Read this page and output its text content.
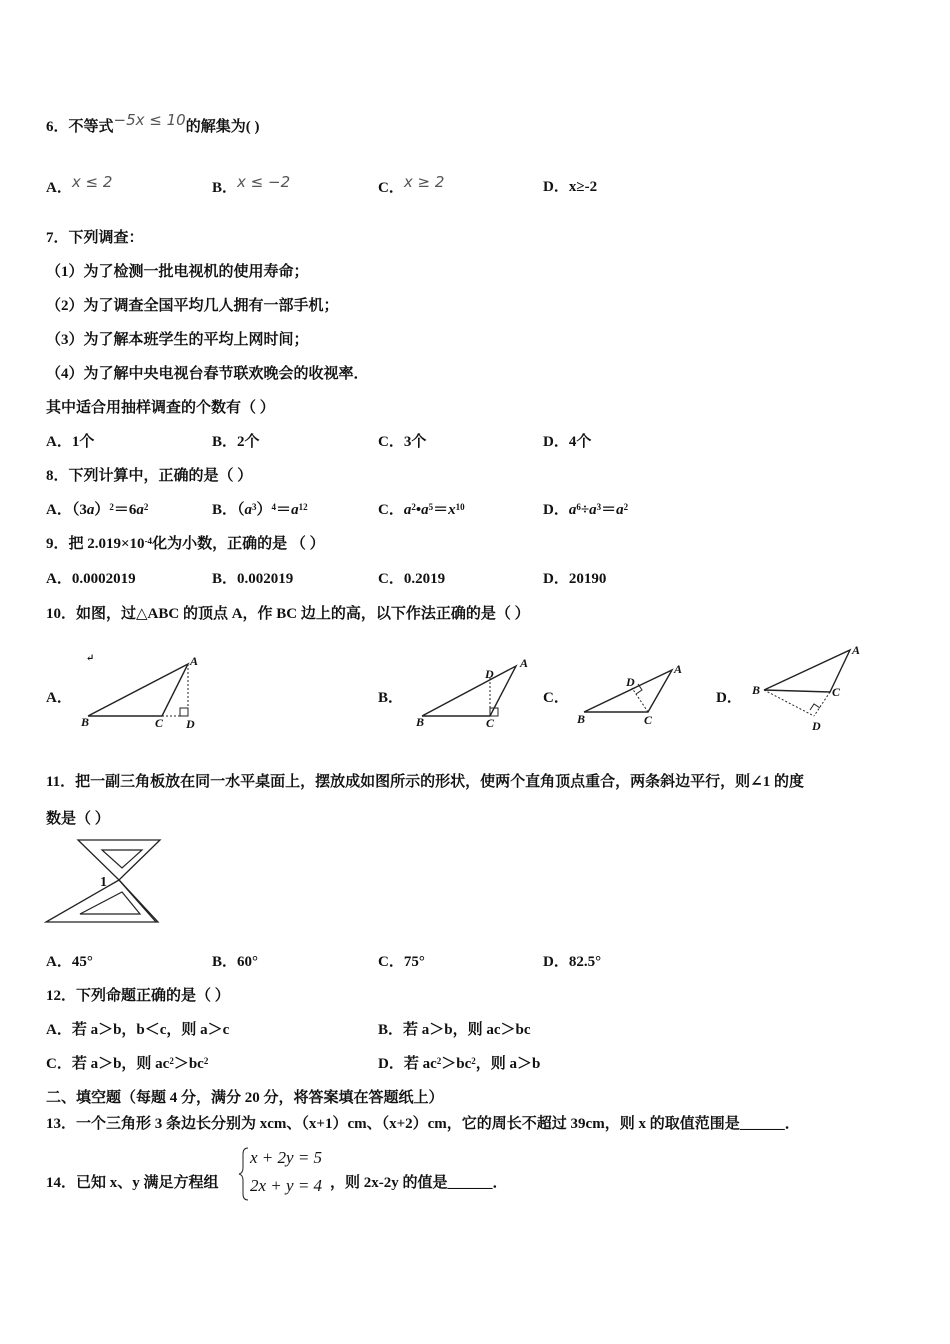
6．不等式−5x ≤ 10的解集为( )
A．x ≤ 2	B．x ≤ −2	C．x ≥ 2	D．x≥-2
7．下列调查：
（1）为了检测一批电视机的使用寿命；
（2）为了调查全国平均几人拥有一部手机；
（3）为了解本班学生的平均上网时间；
（4）为了解中央电视台春节联欢晚会的收视率．
其中适合用抽样调查的个数有（ ）
A．1个	B．2个	C．3个	D．4个
8．下列计算中，正确的是（ ）
A．$(3a)^2=6a^2$	B．$(a^3)^4=a^{12}$	C．$a^2•a^5=x^{10}$	D．$a^6\div a^3=a^2$
9．把 $2.019\times 10^{-4}$化为小数，正确的是 （ ）
A．0.0002019	B．0.002019	C．0.2019	D．20190
10．如图，过△ABC 的顶点 A，作 BC 边上的高，以下作法正确的是（ ）
A．	B．	C．	D．
↵	A
B	C D
A
D
B	C
A
D
B	C
A
B	C
D
11．把一副三角板放在同一水平桌面上，摆放成如图所示的形状，使两个直角顶点重合，两条斜边平行，则∠1 的度
数是（ ）
1
A．45°	B．60°	C．75°	D．82.5°
12．下列命题正确的是（ ）
A．若 a＞b，b＜c，则 a＞c	B．若 a＞b，则 ac＞bc
C．若 a＞b，则 $ac^2>bc^2$	D．若 $ac^2>bc^2$，则 a＞b
二、填空题（每题 4 分，满分 20 分，将答案填在答题纸上）
13．一个三角形 3 条边长分别为 xcm、（x+1）cm、（x+2）cm，它的周长不超过 39cm，则 x 的取值范围是______．
14．已知 x、y 满足方程组
x + 2y = 5
2x + y = 4 ，则 2x-2y 的值是______．
